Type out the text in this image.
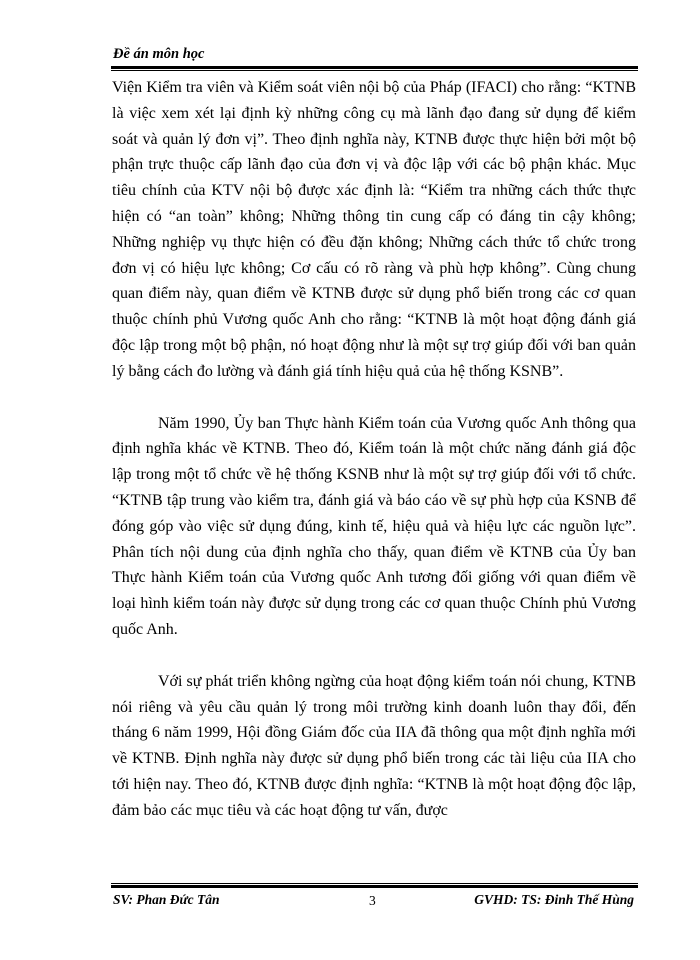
Đề án môn học

Viện Kiểm tra viên và Kiểm soát viên nội bộ của Pháp (IFACI) cho rằng: “KTNB là việc xem xét lại định kỳ những công cụ mà lãnh đạo đang sử dụng để kiểm soát và quản lý đơn vị”. Theo định nghĩa này, KTNB được thực hiện bởi một bộ phận trực thuộc cấp lãnh đạo của đơn vị và độc lập với các bộ phận khác. Mục tiêu chính của KTV nội bộ được xác định là: “Kiểm tra những cách thức thực hiện có “an toàn” không; Những thông tin cung cấp có đáng tin cậy không; Những nghiệp vụ thực hiện có đều đặn không; Những cách thức tổ chức trong đơn vị có hiệu lực không; Cơ cấu có rõ ràng và phù hợp không”. Cùng chung quan điểm này, quan điểm về KTNB được sử dụng phổ biến trong các cơ quan thuộc chính phủ Vương quốc Anh cho rằng: “KTNB là một hoạt động đánh giá độc lập trong một bộ phận, nó hoạt động như là một sự trợ giúp đối với ban quản lý bằng cách đo lường và đánh giá tính hiệu quả của hệ thống KSNB”.

Năm 1990, Ủy ban Thực hành Kiểm toán của Vương quốc Anh thông qua định nghĩa khác về KTNB. Theo đó, Kiểm toán là một chức năng đánh giá độc lập trong một tổ chức về hệ thống KSNB như là một sự trợ giúp đối với tổ chức. “KTNB tập trung vào kiểm tra, đánh giá và báo cáo về sự phù hợp của KSNB để đóng góp vào việc sử dụng đúng, kinh tế, hiệu quả và hiệu lực các nguồn lực”. Phân tích nội dung của định nghĩa cho thấy, quan điểm về KTNB của Ủy ban Thực hành Kiểm toán của Vương quốc Anh tương đối giống với quan điểm về loại hình kiểm toán này được sử dụng trong các cơ quan thuộc Chính phủ Vương quốc Anh.

Với sự phát triển không ngừng của hoạt động kiểm toán nói chung, KTNB nói riêng và yêu cầu quản lý trong môi trường kinh doanh luôn thay đổi, đến tháng 6 năm 1999, Hội đồng Giám đốc của IIA đã thông qua một định nghĩa mới về KTNB. Định nghĩa này được sử dụng phổ biến trong các tài liệu của IIA cho tới hiện nay. Theo đó, KTNB được định nghĩa: “KTNB là một hoạt động độc lập, đảm bảo các mục tiêu và các hoạt động tư vấn, được

SV: Phan Đức Tân	3	GVHD: TS: Đinh Thế Hùng
